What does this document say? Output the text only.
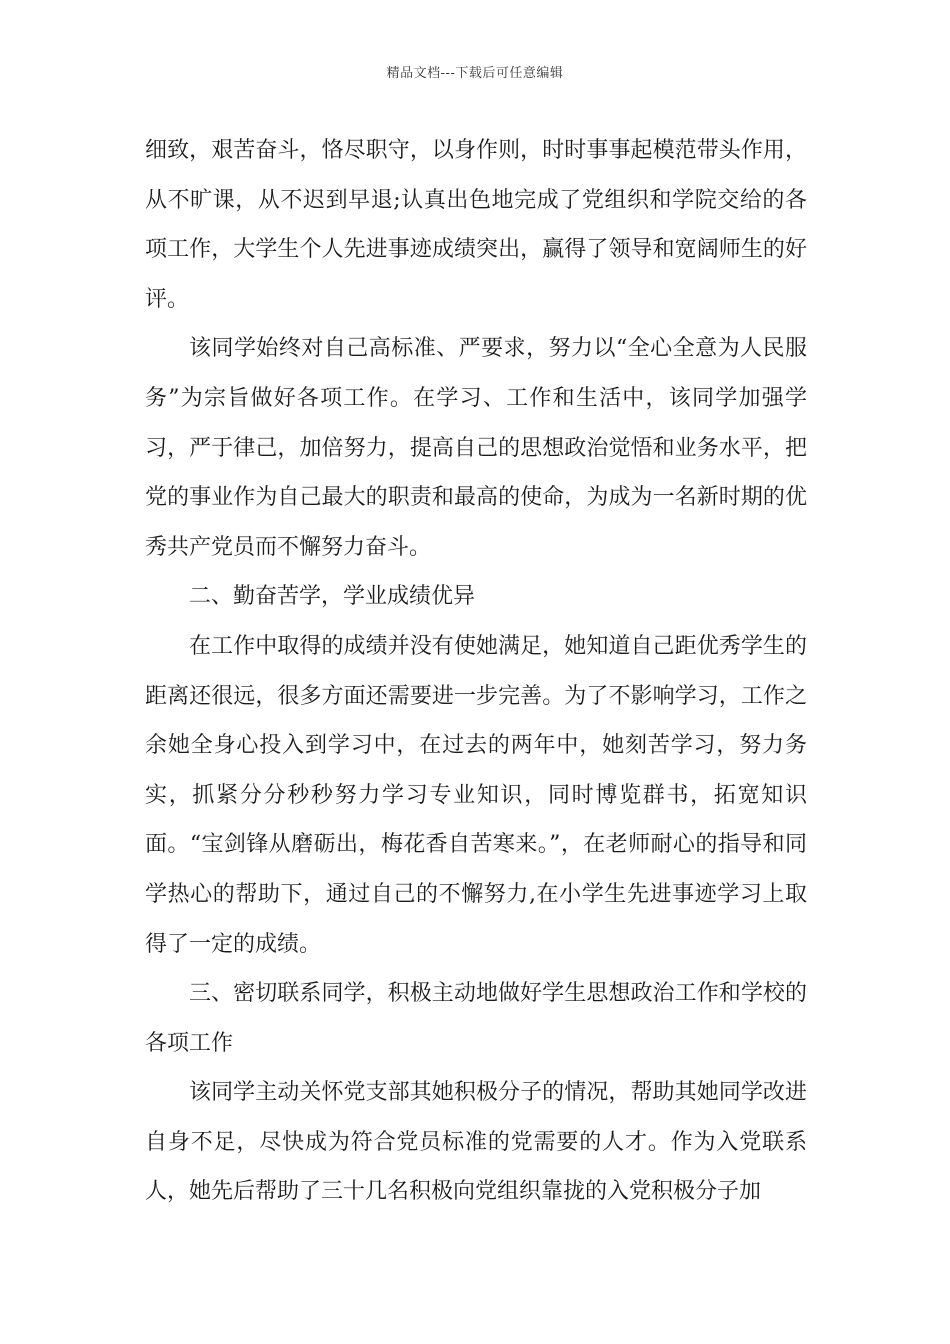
精品文档---下载后可任意编辑

细致，艰苦奋斗，恪尽职守，以身作则，时时事事起模范带头作用，从不旷课，从不迟到早退;认真出色地完成了党组织和学院交给的各项工作，大学生个人先进事迹成绩突出，赢得了领导和宽阔师生的好评。

该同学始终对自己高标准、严要求，努力以“全心全意为人民服务”为宗旨做好各项工作。在学习、工作和生活中，该同学加强学习，严于律己，加倍努力，提高自己的思想政治觉悟和业务水平，把党的事业作为自己最大的职责和最高的使命，为成为一名新时期的优秀共产党员而不懈努力奋斗。

二、勤奋苦学，学业成绩优异

在工作中取得的成绩并没有使她满足，她知道自己距优秀学生的距离还很远，很多方面还需要进一步完善。为了不影响学习，工作之余她全身心投入到学习中，在过去的两年中，她刻苦学习，努力务实，抓紧分分秒秒努力学习专业知识，同时博览群书，拓宽知识面。“宝剑锋从磨砺出，梅花香自苦寒来。”，在老师耐心的指导和同学热心的帮助下，通过自己的不懈努力,在小学生先进事迹学习上取得了一定的成绩。

三、密切联系同学，积极主动地做好学生思想政治工作和学校的各项工作

该同学主动关怀党支部其她积极分子的情况，帮助其她同学改进自身不足，尽快成为符合党员标准的党需要的人才。作为入党联系人，她先后帮助了三十几名积极向党组织靠拢的入党积极分子加
